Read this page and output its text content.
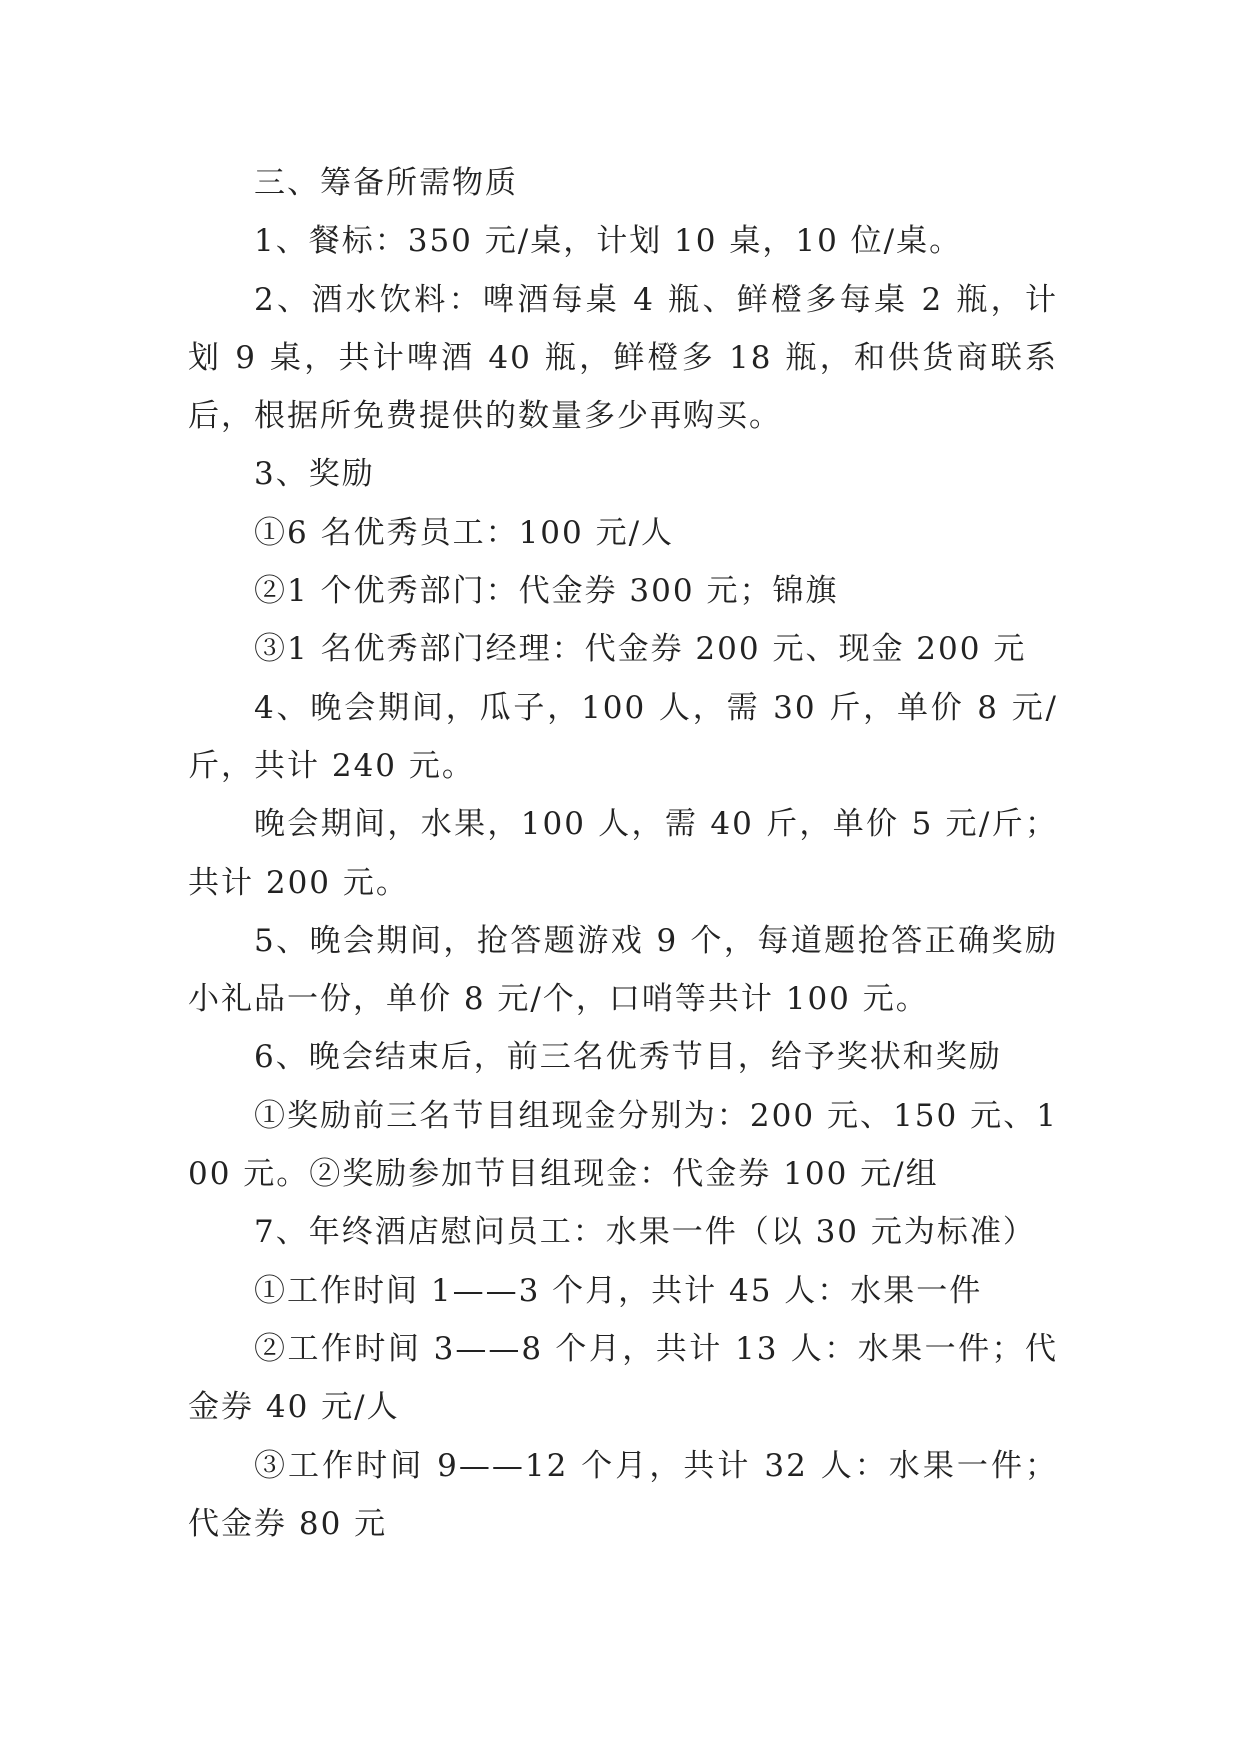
三、筹备所需物质

1、餐标：350 元/桌，计划 10 桌，10 位/桌。

2、酒水饮料：啤酒每桌 4 瓶、鲜橙多每桌 2 瓶，计划 9 桌，共计啤酒 40 瓶，鲜橙多 18 瓶，和供货商联系后，根据所免费提供的数量多少再购买。

3、奖励

①6 名优秀员工：100 元/人

②1 个优秀部门：代金券 300 元；锦旗

③1 名优秀部门经理：代金券 200 元、现金 200 元

4、晚会期间，瓜子，100 人，需 30 斤，单价 8 元/斤，共计 240 元。

晚会期间，水果，100 人，需 40 斤，单价 5 元/斤；共计 200 元。

5、晚会期间，抢答题游戏 9 个，每道题抢答正确奖励小礼品一份，单价 8 元/个，口哨等共计 100 元。

6、晚会结束后，前三名优秀节目，给予奖状和奖励

①奖励前三名节目组现金分别为：200 元、150 元、100 元。②奖励参加节目组现金：代金券 100 元/组

7、年终酒店慰问员工：水果一件（以 30 元为标准）

①工作时间 1——3 个月，共计 45 人：水果一件

②工作时间 3——8 个月，共计 13 人：水果一件；代金券 40 元/人

③工作时间 9——12 个月，共计 32 人：水果一件；代金券 80 元
